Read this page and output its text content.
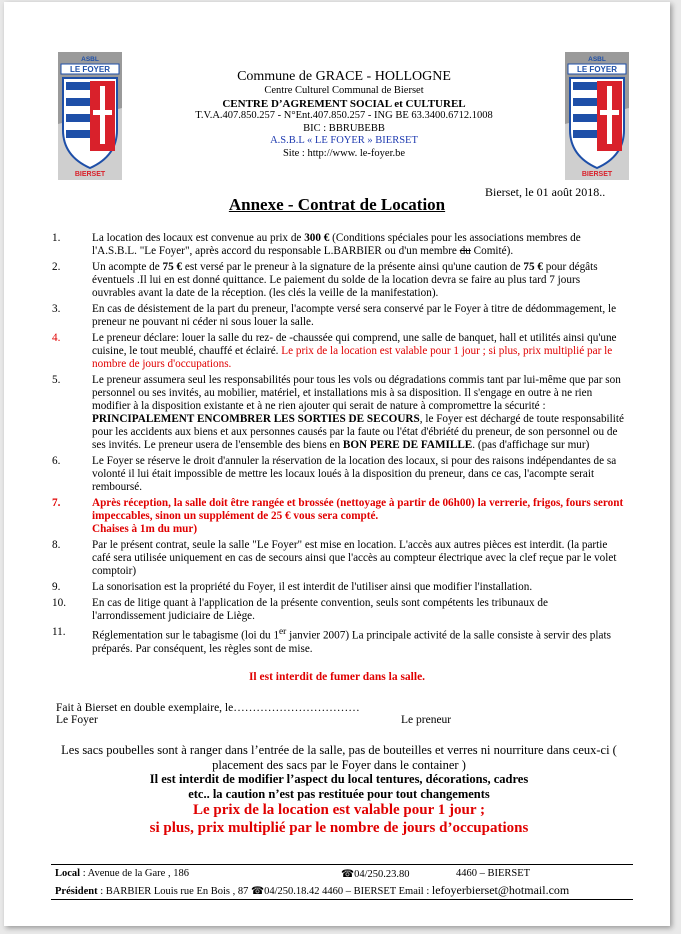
ASBL
LE FOYER
BIERSET
ASBL
LE FOYER
BIERSET
Commune de GRACE - HOLLOGNE
Centre Culturel Communal de Bierset
CENTRE D’AGREMENT SOCIAL et CULTUREL
T.V.A.407.850.257 - N°Ent.407.850.257 - ING BE 63.3400.6712.1008
BIC : BBRUBEBB
A.S.B.L « LE FOYER » BIERSET
Site : http://www. le-foyer.be
Bierset, le 01 août 2018..
Annexe - Contrat de Location
1.	La location des locaux est convenue au prix de 300 € (Conditions spéciales pour les associations membres de l'A.S.B.L. "Le Foyer", après accord du responsable L.BARBIER ou d'un membre du Comité).
2.	Un acompte de 75 € est versé par le preneur à la signature de la présente ainsi qu'une caution de 75 € pour dégâts éventuels .Il lui en est donné quittance. Le paiement du solde de la location devra se faire au plus tard 7 jours ouvrables avant la date de la réception. (les clés la veille de la manifestation).
3.	En cas de désistement de la part du preneur, l'acompte versé sera conservé par le Foyer à titre de dédommagement, le preneur ne pouvant ni céder ni sous louer la salle.
4.	Le preneur déclare: louer la salle du rez- de -chaussée qui comprend, une salle de banquet, hall et utilités ainsi qu'une cuisine, le tout meublé, chauffé et éclairé. Le prix de la location est valable pour 1 jour ; si plus, prix multiplié par le nombre de jours d'occupations.
5.	Le preneur assumera seul les responsabilités pour tous les vols ou dégradations commis tant par lui-même que par son personnel ou ses invités, au mobilier, matériel, et installations mis à sa disposition. Il s'engage en outre à ne rien modifier à la disposition existante et à ne rien ajouter qui serait de nature à compromettre la sécurité : PRINCIPALEMENT ENCOMBRER LES SORTIES DE SECOURS, le Foyer est déchargé de toute responsabilité pour les accidents aux biens et aux personnes causés par la faute ou l'état d'ébriété du preneur, de son personnel ou de ses invités. Le preneur usera de l'ensemble des biens en BON PERE DE FAMILLE. (pas d'affichage sur mur)
6.	Le Foyer se réserve le droit d'annuler la réservation de la location des locaux, si pour des raisons indépendantes de sa volonté il lui était impossible de mettre les locaux loués à la disposition du preneur, dans ce cas, l'acompte serait remboursé.
7.	Après réception, la salle doit être rangée et brossée (nettoyage à partir de 06h00) la verrerie, frigos, fours seront impeccables, sinon un supplément de 25 € vous sera compté.
Chaises à 1m du mur)
8.	Par le présent contrat, seule la salle "Le Foyer" est mise en location. L'accès aux autres pièces est interdit. (la partie café sera utilisée uniquement en cas de secours ainsi que l'accès au compteur électrique avec la clef reçue par le volet comptoir)
9.	La sonorisation est la propriété du Foyer, il est interdit de l'utiliser ainsi que modifier l'installation.
10.	En cas de litige quant à l'application de la présente convention, seuls sont compétents les tribunaux de l'arrondissement judiciaire de Liège.
11.	Réglementation sur le tabagisme (loi du 1er janvier 2007) La principale activité de la salle consiste à servir des plats préparés. Par conséquent, les règles sont de mise.
Il est interdit de fumer dans la salle.
Fait à Bierset en double exemplaire, le……………………………
Le Foyer	Le preneur
Les sacs poubelles sont à ranger dans l’entrée de la salle, pas de bouteilles et verres ni nourriture dans ceux-ci ( placement des sacs par le Foyer dans le container )
Il est interdit de modifier l’aspect du local tentures, décorations, cadres
etc.. la caution n’est pas restituée pour tout changements
Le prix de la location est valable pour 1 jour ;
si plus, prix multiplié par le nombre de jours d’occupations
Local : Avenue de la Gare , 186	☎04/250.23.80	4460 – BIERSET
Président : BARBIER Louis rue En Bois , 87 ☎04/250.18.42 4460 – BIERSET Email : lefoyerbierset@hotmail.com
